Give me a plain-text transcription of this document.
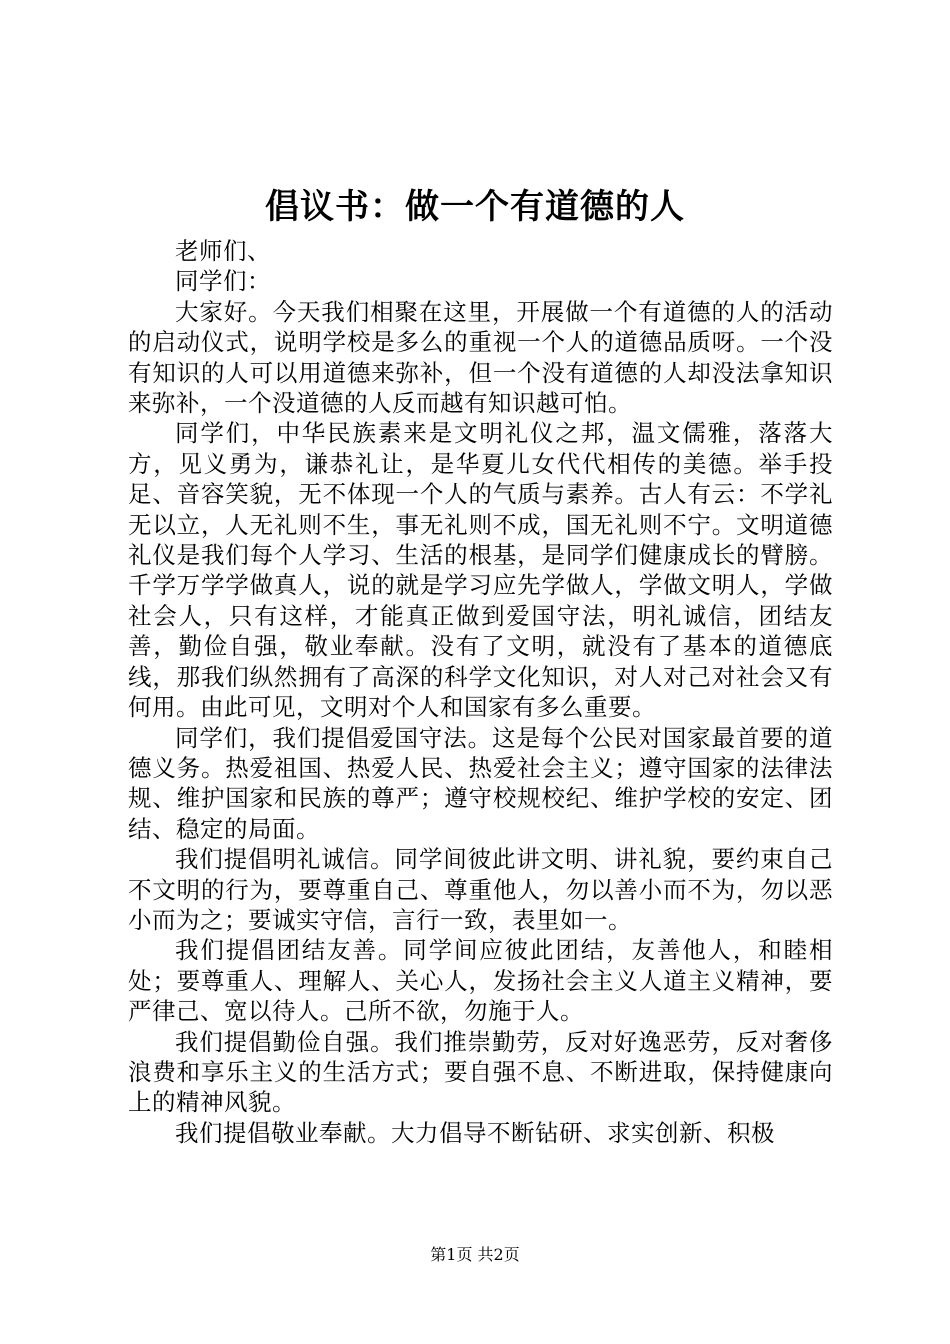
倡议书：做一个有道德的人

老师们、

同学们：

大家好。今天我们相聚在这里，开展做一个有道德的人的活动的启动仪式，说明学校是多么的重视一个人的道德品质呀。一个没有知识的人可以用道德来弥补，但一个没有道德的人却没法拿知识来弥补，一个没道德的人反而越有知识越可怕。

同学们，中华民族素来是文明礼仪之邦，温文儒雅，落落大方，见义勇为，谦恭礼让，是华夏儿女代代相传的美德。举手投足、音容笑貌，无不体现一个人的气质与素养。古人有云：不学礼无以立，人无礼则不生，事无礼则不成，国无礼则不宁。文明道德礼仪是我们每个人学习、生活的根基，是同学们健康成长的臂膀。千学万学学做真人，说的就是学习应先学做人，学做文明人，学做社会人，只有这样，才能真正做到爱国守法，明礼诚信，团结友善，勤俭自强，敬业奉献。没有了文明，就没有了基本的道德底线，那我们纵然拥有了高深的科学文化知识，对人对己对社会又有何用。由此可见，文明对个人和国家有多么重要。

同学们，我们提倡爱国守法。这是每个公民对国家最首要的道德义务。热爱祖国、热爱人民、热爱社会主义；遵守国家的法律法规、维护国家和民族的尊严；遵守校规校纪、维护学校的安定、团结、稳定的局面。

我们提倡明礼诚信。同学间彼此讲文明、讲礼貌，要约束自己不文明的行为，要尊重自己、尊重他人，勿以善小而不为，勿以恶小而为之；要诚实守信，言行一致，表里如一。

我们提倡团结友善。同学间应彼此团结，友善他人，和睦相处；要尊重人、理解人、关心人，发扬社会主义人道主义精神，要严律己、宽以待人。己所不欲，勿施于人。

我们提倡勤俭自强。我们推崇勤劳，反对好逸恶劳，反对奢侈浪费和享乐主义的生活方式；要自强不息、不断进取，保持健康向上的精神风貌。

我们提倡敬业奉献。大力倡导不断钻研、求实创新、积极

第1页 共2页
